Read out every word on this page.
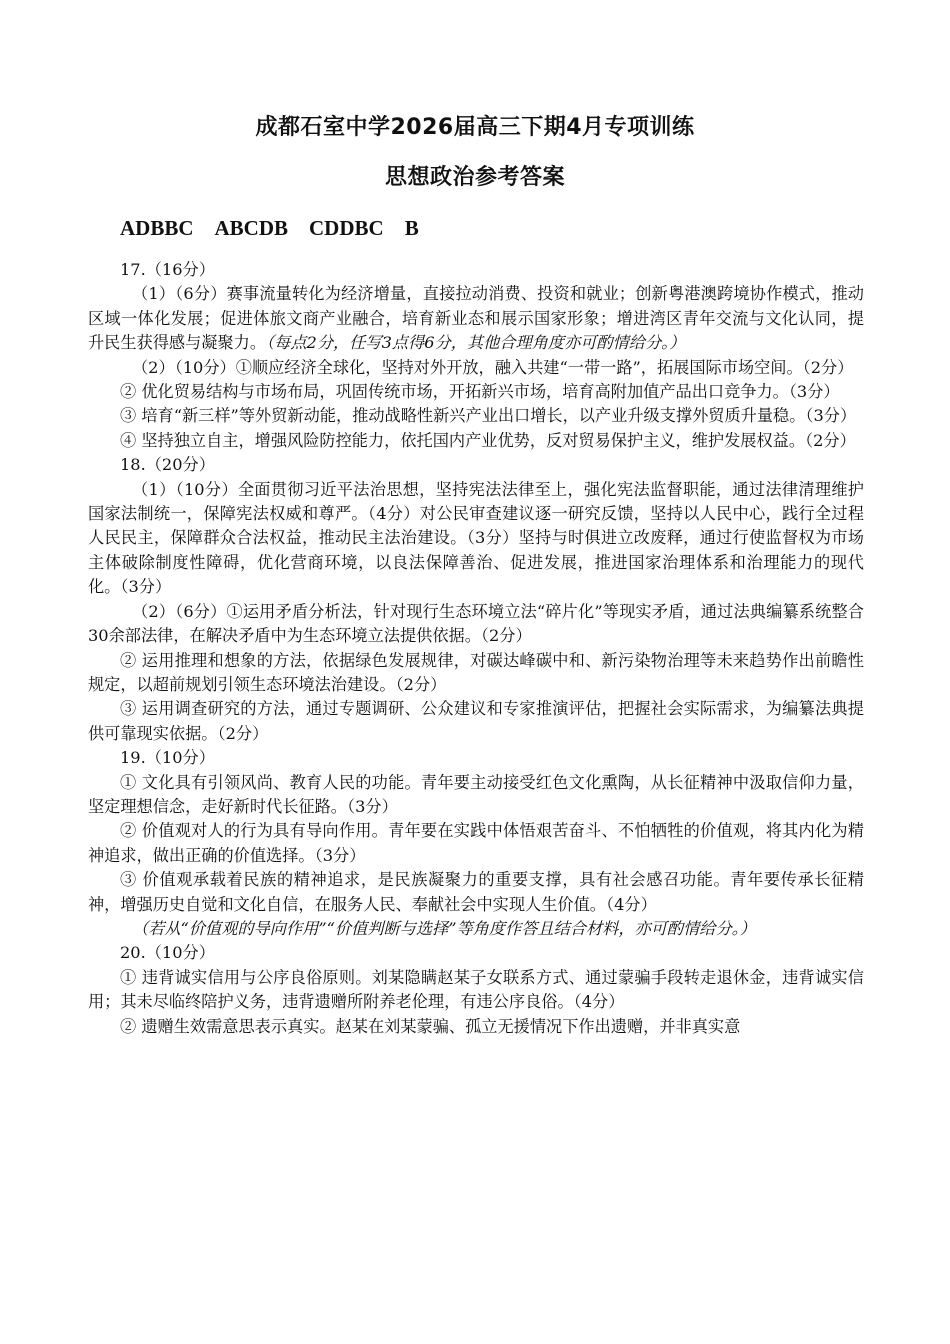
成都石室中学2026届高三下期4月专项训练
思想政治参考答案
ADBBC　ABCDB　CDDBC　B

17.（16分）

（1）（6分）赛事流量转化为经济增量，直接拉动消费、投资和就业；创新粤港澳跨境协作模式，推动区域一体化发展；促进体旅文商产业融合，培育新业态和展示国家形象；增进湾区青年交流与文化认同，提升民生获得感与凝聚力。（每点2分，任写3点得6分，其他合理角度亦可酌情给分。）

（2）（10分）①顺应经济全球化，坚持对外开放，融入共建“一带一路”，拓展国际市场空间。（2分）

② 优化贸易结构与市场布局，巩固传统市场，开拓新兴市场，培育高附加值产品出口竞争力。（3分）

③ 培育“新三样”等外贸新动能，推动战略性新兴产业出口增长，以产业升级支撑外贸质升量稳。（3分）

④ 坚持独立自主，增强风险防控能力，依托国内产业优势，反对贸易保护主义，维护发展权益。（2分）

18.（20分）

（1）（10分）全面贯彻习近平法治思想，坚持宪法法律至上，强化宪法监督职能，通过法律清理维护国家法制统一，保障宪法权威和尊严。（4分）对公民审查建议逐一研究反馈，坚持以人民中心，践行全过程人民民主，保障群众合法权益，推动民主法治建设。（3分）坚持与时俱进立改废释，通过行使监督权为市场主体破除制度性障碍，优化营商环境，以良法保障善治、促进发展，推进国家治理体系和治理能力的现代化。（3分）

（2）（6分）①运用矛盾分析法，针对现行生态环境立法“碎片化”等现实矛盾，通过法典编纂系统整合30余部法律，在解决矛盾中为生态环境立法提供依据。（2分）

② 运用推理和想象的方法，依据绿色发展规律，对碳达峰碳中和、新污染物治理等未来趋势作出前瞻性规定，以超前规划引领生态环境法治建设。（2分）

③ 运用调查研究的方法，通过专题调研、公众建议和专家推演评估，把握社会实际需求，为编纂法典提供可靠现实依据。（2分）

19.（10分）

① 文化具有引领风尚、教育人民的功能。青年要主动接受红色文化熏陶，从长征精神中汲取信仰力量，坚定理想信念，走好新时代长征路。（3分）

② 价值观对人的行为具有导向作用。青年要在实践中体悟艰苦奋斗、不怕牺牲的价值观，将其内化为精神追求，做出正确的价值选择。（3分）

③ 价值观承载着民族的精神追求，是民族凝聚力的重要支撑，具有社会感召功能。青年要传承长征精神，增强历史自觉和文化自信，在服务人民、奉献社会中实现人生价值。（4分）

（若从“价值观的导向作用”“价值判断与选择”等角度作答且结合材料，亦可酌情给分。）

20.（10分）

① 违背诚实信用与公序良俗原则。刘某隐瞒赵某子女联系方式、通过蒙骗手段转走退休金，违背诚实信用；其未尽临终陪护义务，违背遗赠所附养老伦理，有违公序良俗。（4分）

② 遗赠生效需意思表示真实。赵某在刘某蒙骗、孤立无援情况下作出遗赠，并非真实意
